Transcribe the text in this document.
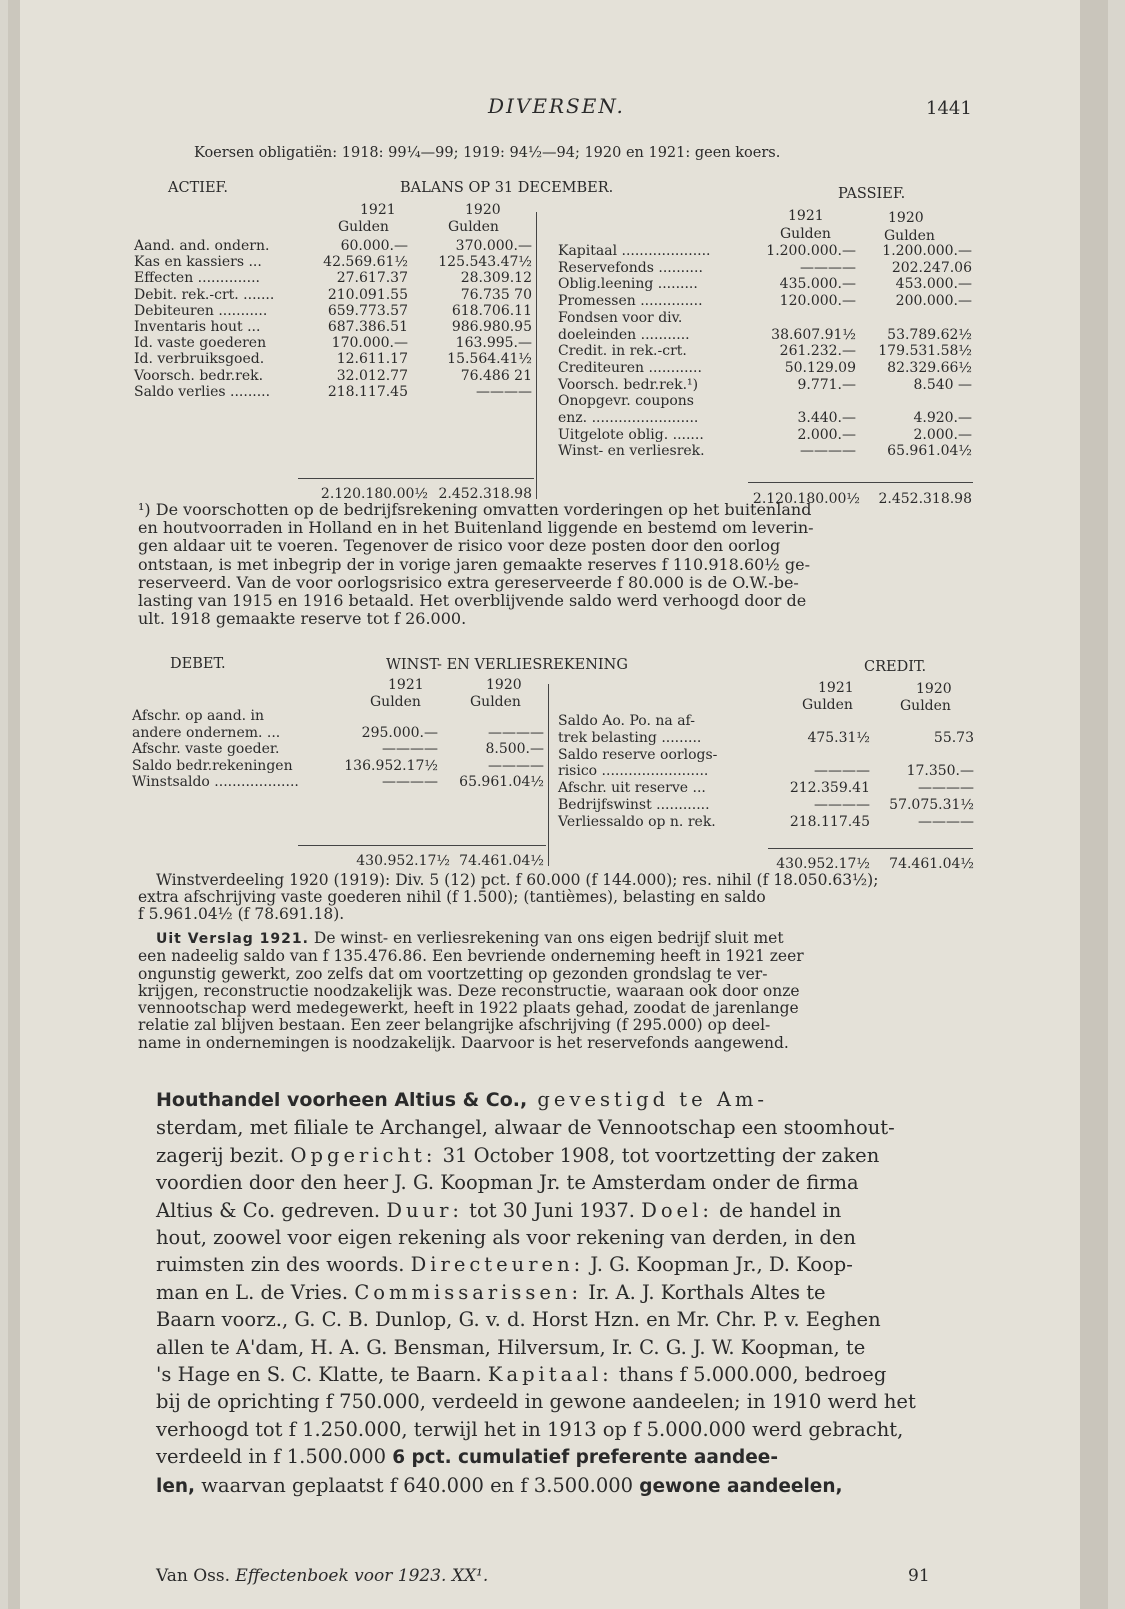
DIVERSEN.	1441
Koersen obligatiën: 1918: 99¼—99; 1919: 94½—94; 1920 en 1921: geen koers.
ACTIEF.	BALANS OP 31 DECEMBER.	PASSIEF.
1921	1920
Gulden	Gulden
1921	1920
Gulden	Gulden
Aand. and. ondern.	60.000.—	370.000.—
Kas en kassiers ...	42.569.61½	125.543.47½
Effecten ..............	27.617.37	28.309.12
Debit. rek.-crt. .......	210.091.55	76.735 70
Debiteuren ...........	659.773.57	618.706.11
Inventaris hout ...	687.386.51	986.980.95
Id. vaste goederen	170.000.—	163.995.—
Id. verbruiksgoed.	12.611.17	15.564.41½
Voorsch. bedr.rek.	32.012.77	76.486 21
Saldo verlies .........	218.117.45	————
Kapitaal ....................	1.200.000.—	1.200.000.—
Reservefonds ..........	————	202.247.06
Oblig.leening .........	435.000.—	453.000.—
Promessen ..............	120.000.—	200.000.—
Fondsen voor div.
doeleinden ...........	38.607.91½	53.789.62½
Credit. in rek.-crt.	261.232.—	179.531.58½
Crediteuren ............	50.129.09	82.329.66½
Voorsch. bedr.rek.¹)	9.771.—	8.540 —
Onopgevr. coupons
enz. ........................	3.440.—	4.920.—
Uitgelote oblig. .......	2.000.—	2.000.—
Winst- en verliesrek.	————	65.961.04½
2.120.180.00½ 2.452.318.98	2.120.180.00½	2.452.318.98

¹) De voorschotten op de bedrijfsrekening omvatten vorderingen op het buitenland

en houtvoorraden in Holland en in het Buitenland liggende en bestemd om leverin-

gen aldaar uit te voeren. Tegenover de risico voor deze posten door den oorlog

ontstaan, is met inbegrip der in vorige jaren gemaakte reserves f 110.918.60½ ge-

reserveerd. Van de voor oorlogsrisico extra gereserveerde f 80.000 is de O.W.-be-

lasting van 1915 en 1916 betaald. Het overblijvende saldo werd verhoogd door de

ult. 1918 gemaakte reserve tot f 26.000.

DEBET.	WINST- EN VERLIESREKENING	CREDIT.
1921	1920
Gulden	Gulden
1921	1920
Gulden	Gulden
Afschr. op aand. in
andere ondernem. ...	295.000.—	————
Afschr. vaste goeder.	————	8.500.—
Saldo bedr.rekeningen	136.952.17½	————
Winstsaldo ...................	————	65.961.04½
Saldo Ao. Po. na af-
trek belasting .........	475.31½	55.73
Saldo reserve oorlogs-
risico ........................	————	17.350.—
Afschr. uit reserve ...	212.359.41	————
Bedrijfswinst ............	————	57.075.31½
Verliessaldo op n. rek.	218.117.45	————
430.952.17½ 74.461.04½	430.952.17½	74.461.04½

Winstverdeeling 1920 (1919): Div. 5 (12) pct. f 60.000 (f 144.000); res. nihil (f 18.050.63½);

extra afschrijving vaste goederen nihil (f 1.500); (tantièmes), belasting en saldo

f 5.961.04½ (f 78.691.18).

Uit Verslag 1921. De winst- en verliesrekening van ons eigen bedrijf sluit met

een nadeelig saldo van f 135.476.86. Een bevriende onderneming heeft in 1921 zeer

ongunstig gewerkt, zoo zelfs dat om voortzetting op gezonden grondslag te ver-

krijgen, reconstructie noodzakelijk was. Deze reconstructie, waaraan ook door onze

vennootschap werd medegewerkt, heeft in 1922 plaats gehad, zoodat de jarenlange

relatie zal blijven bestaan. Een zeer belangrijke afschrijving (f 295.000) op deel-

name in ondernemingen is noodzakelijk. Daarvoor is het reservefonds aangewend.

Houthandel voorheen Altius & Co., gevestigd te Am-

sterdam, met filiale te Archangel, alwaar de Vennootschap een stoomhout-

zagerij bezit. Opgericht: 31 October 1908, tot voortzetting der zaken

voordien door den heer J. G. Koopman Jr. te Amsterdam onder de firma

Altius & Co. gedreven. Duur: tot 30 Juni 1937. Doel: de handel in

hout, zoowel voor eigen rekening als voor rekening van derden, in den

ruimsten zin des woords. Directeuren: J. G. Koopman Jr., D. Koop-

man en L. de Vries. Commissarissen: Ir. A. J. Korthals Altes te

Baarn voorz., G. C. B. Dunlop, G. v. d. Horst Hzn. en Mr. Chr. P. v. Eeghen

allen te A'dam, H. A. G. Bensman, Hilversum, Ir. C. G. J. W. Koopman, te

's Hage en S. C. Klatte, te Baarn. Kapitaal: thans f 5.000.000, bedroeg

bij de oprichting f 750.000, verdeeld in gewone aandeelen; in 1910 werd het

verhoogd tot f 1.250.000, terwijl het in 1913 op f 5.000.000 werd gebracht,

verdeeld in f 1.500.000 6 pct. cumulatief preferente aandee-

len, waarvan geplaatst f 640.000 en f 3.500.000 gewone aandeelen,

Van Oss. Effectenboek voor 1923. XX¹.	91
